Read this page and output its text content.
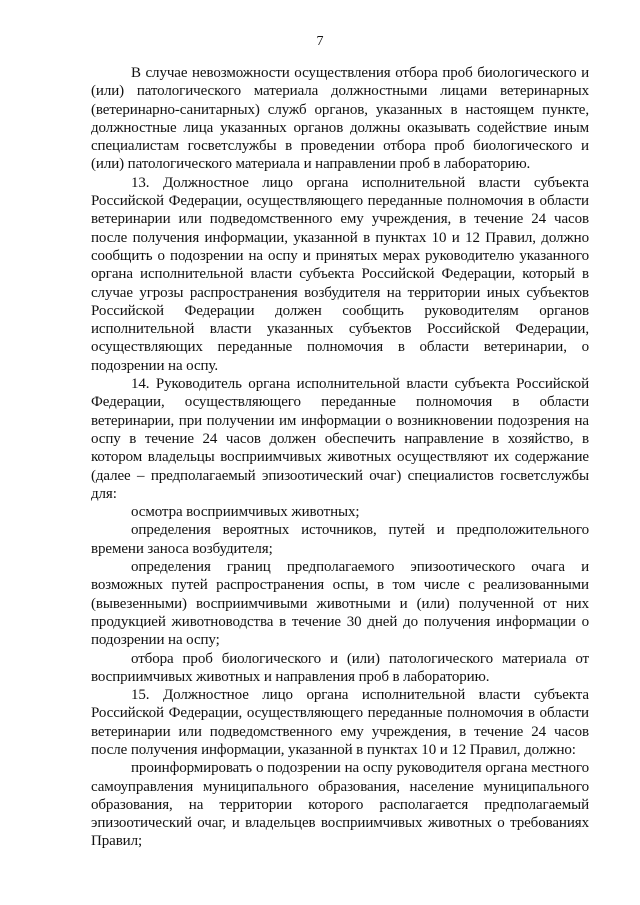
7

В случае невозможности осуществления отбора проб биологического и (или) патологического материала должностными лицами ветеринарных (ветеринарно-санитарных) служб органов, указанных в настоящем пункте, должностные лица указанных органов должны оказывать содействие иным специалистам госветслужбы в проведении отбора проб биологического и (или) патологического материала и направлении проб в лабораторию.

13. Должностное лицо органа исполнительной власти субъекта Российской Федерации, осуществляющего переданные полномочия в области ветеринарии или подведомственного ему учреждения, в течение 24 часов после получения информации, указанной в пунктах 10 и 12 Правил, должно сообщить о подозрении на оспу и принятых мерах руководителю указанного органа исполнительной власти субъекта Российской Федерации, который в случае угрозы распространения возбудителя на территории иных субъектов Российской Федерации должен сообщить руководителям органов исполнительной власти указанных субъектов Российской Федерации, осуществляющих переданные полномочия в области ветеринарии, о подозрении на оспу.

14. Руководитель органа исполнительной власти субъекта Российской Федерации, осуществляющего переданные полномочия в области ветеринарии, при получении им информации о возникновении подозрения на оспу в течение 24 часов должен обеспечить направление в хозяйство, в котором владельцы восприимчивых животных осуществляют их содержание (далее – предполагаемый эпизоотический очаг) специалистов госветслужбы для:

осмотра восприимчивых животных;

определения вероятных источников, путей и предположительного времени заноса возбудителя;

определения границ предполагаемого эпизоотического очага и возможных путей распространения оспы, в том числе с реализованными (вывезенными) восприимчивыми животными и (или) полученной от них продукцией животноводства в течение 30 дней до получения информации о подозрении на оспу;

отбора проб биологического и (или) патологического материала от восприимчивых животных и направления проб в лабораторию.

15. Должностное лицо органа исполнительной власти субъекта Российской Федерации, осуществляющего переданные полномочия в области ветеринарии или подведомственного ему учреждения, в течение 24 часов после получения информации, указанной в пунктах 10 и 12 Правил, должно:

проинформировать о подозрении на оспу руководителя органа местного самоуправления муниципального образования, население муниципального образования, на территории которого располагается предполагаемый эпизоотический очаг, и владельцев восприимчивых животных о требованиях Правил;
